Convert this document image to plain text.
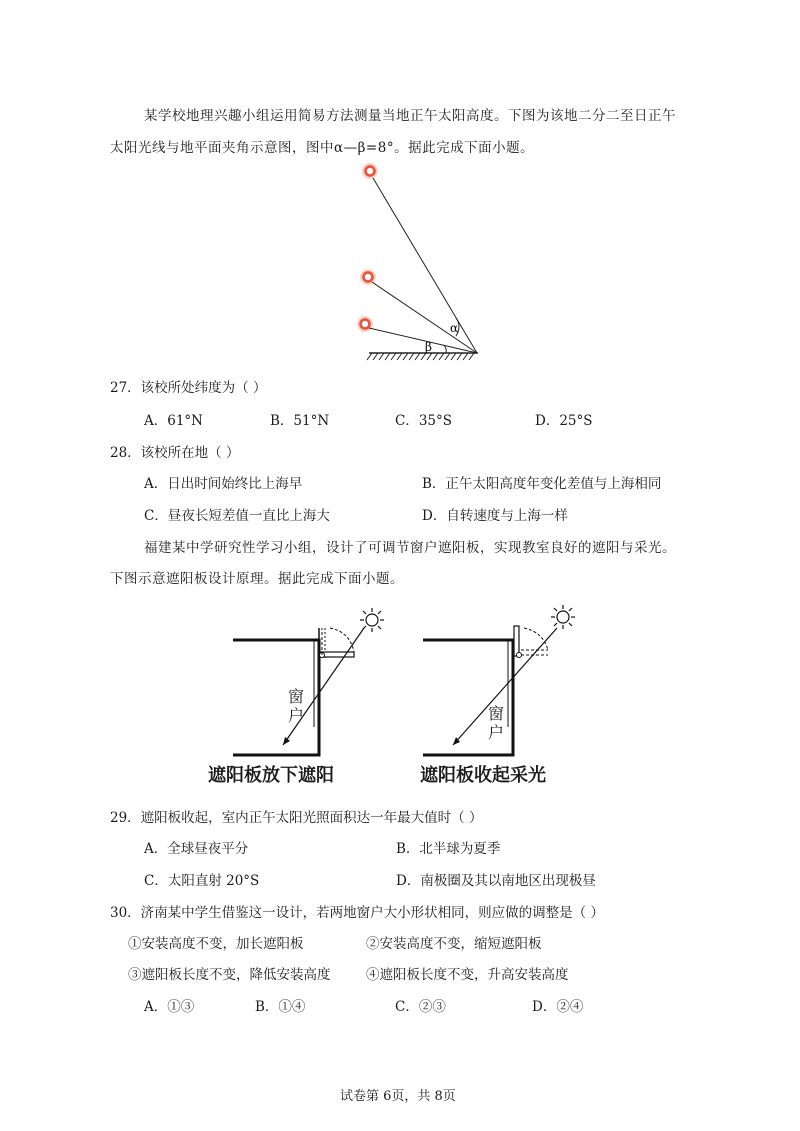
某学校地理兴趣小组运用简易方法测量当地正午太阳高度。下图为该地二分二至日正午
太阳光线与地平面夹角示意图，图中α—β=8°。据此完成下面小题。
α
β
27．该校所处纬度为（ ）
A．61°N	B．51°N	C．35°S	D．25°S
28．该校所在地（ ）
A．日出时间始终比上海早	B．正午太阳高度年变化差值与上海相同
C．昼夜长短差值一直比上海大	D．自转速度与上海一样
福建某中学研究性学习小组，设计了可调节窗户遮阳板，实现教室良好的遮阳与采光。
下图示意遮阳板设计原理。据此完成下面小题。
窗
户	窗
户
遮阳板放下遮阳	遮阳板收起采光
29．遮阳板收起，室内正午太阳光照面积达一年最大值时（ ）
A．全球昼夜平分	B．北半球为夏季
C．太阳直射 20°S	D．南极圈及其以南地区出现极昼
30．济南某中学生借鉴这一设计，若两地窗户大小形状相同，则应做的调整是（ ）
①安装高度不变，加长遮阳板	②安装高度不变，缩短遮阳板
③遮阳板长度不变，降低安装高度	④遮阳板长度不变，升高安装高度
A．①③	B．①④	C．②③	D．②④
试卷第 6页，共 8页
